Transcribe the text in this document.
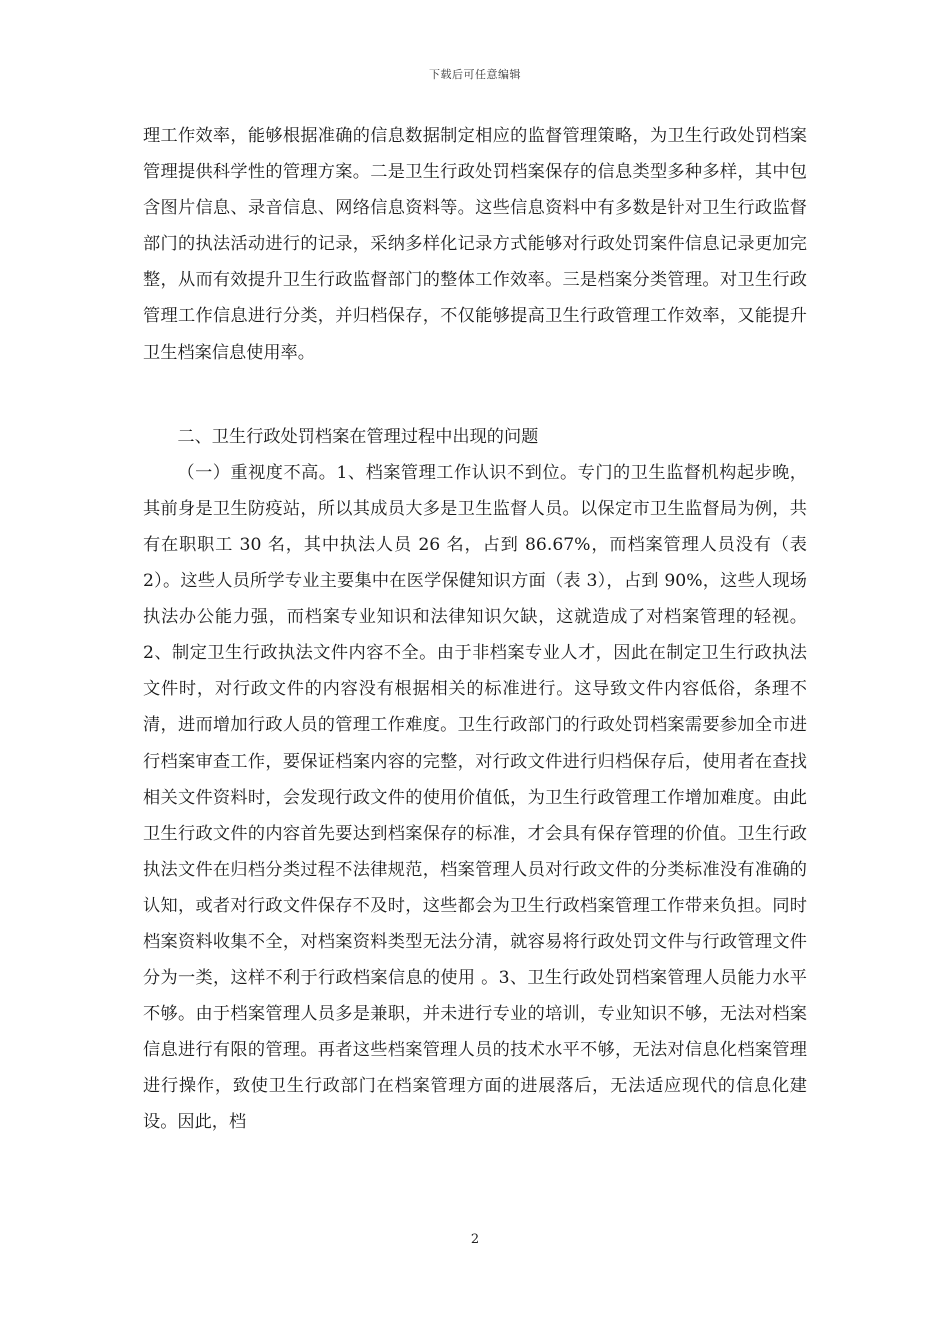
下载后可任意编辑

理工作效率，能够根据准确的信息数据制定相应的监督管理策略，为卫生行政处罚档案管理提供科学性的管理方案。二是卫生行政处罚档案保存的信息类型多种多样，其中包含图片信息、录音信息、网络信息资料等。这些信息资料中有多数是针对卫生行政监督部门的执法活动进行的记录，采纳多样化记录方式能够对行政处罚案件信息记录更加完整，从而有效提升卫生行政监督部门的整体工作效率。三是档案分类管理。对卫生行政管理工作信息进行分类，并归档保存，不仅能够提高卫生行政管理工作效率，又能提升卫生档案信息使用率。

二、卫生行政处罚档案在管理过程中出现的问题

（一）重视度不高。1、档案管理工作认识不到位。专门的卫生监督机构起步晚，其前身是卫生防疫站，所以其成员大多是卫生监督人员。以保定市卫生监督局为例，共有在职职工 30 名，其中执法人员 26 名，占到 86.67%，而档案管理人员没有（表 2）。这些人员所学专业主要集中在医学保健知识方面（表 3），占到 90%，这些人现场执法办公能力强，而档案专业知识和法律知识欠缺，这就造成了对档案管理的轻视。2、制定卫生行政执法文件内容不全。由于非档案专业人才，因此在制定卫生行政执法文件时，对行政文件的内容没有根据相关的标准进行。这导致文件内容低俗，条理不清，进而增加行政人员的管理工作难度。卫生行政部门的行政处罚档案需要参加全市进行档案审查工作，要保证档案内容的完整，对行政文件进行归档保存后，使用者在查找相关文件资料时，会发现行政文件的使用价值低，为卫生行政管理工作增加难度。由此卫生行政文件的内容首先要达到档案保存的标准，才会具有保存管理的价值。卫生行政执法文件在归档分类过程不法律规范，档案管理人员对行政文件的分类标准没有准确的认知，或者对行政文件保存不及时，这些都会为卫生行政档案管理工作带来负担。同时档案资料收集不全，对档案资料类型无法分清，就容易将行政处罚文件与行政管理文件分为一类，这样不利于行政档案信息的使用 。3、卫生行政处罚档案管理人员能力水平不够。由于档案管理人员多是兼职，并未进行专业的培训，专业知识不够，无法对档案信息进行有限的管理。再者这些档案管理人员的技术水平不够，无法对信息化档案管理进行操作，致使卫生行政部门在档案管理方面的进展落后，无法适应现代的信息化建设。因此，档

2
